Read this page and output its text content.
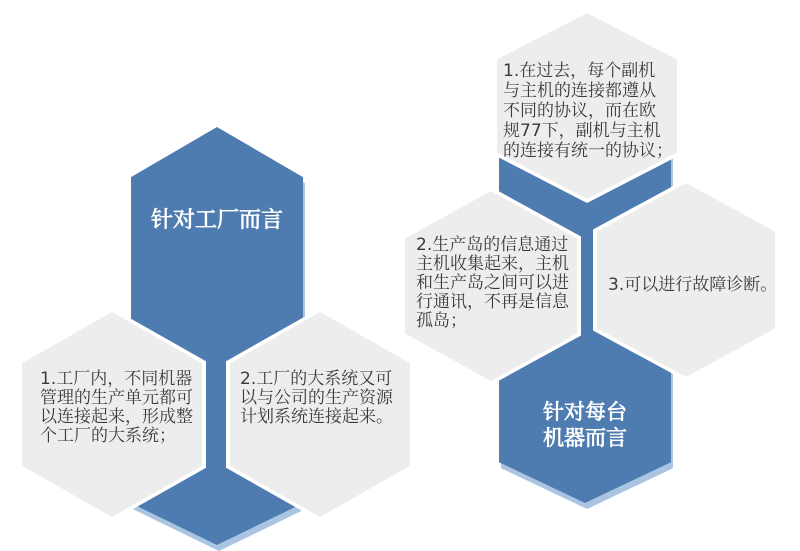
针对工厂而言
1.工厂内，不同机器
管理的生产单元都可
以连接起来，形成整
个工厂的大系统；
2.工厂的大系统又可
以与公司的生产资源
计划系统连接起来。	针对每台
机器而言
1.在过去，每个副机
与主机的连接都遵从
不同的协议，而在欧
规77下，副机与主机
的连接有统一的协议；
2.生产岛的信息通过
主机收集起来，主机
和生产岛之间可以进
行通讯，不再是信息
孤岛；
3.可以进行故障诊断。
